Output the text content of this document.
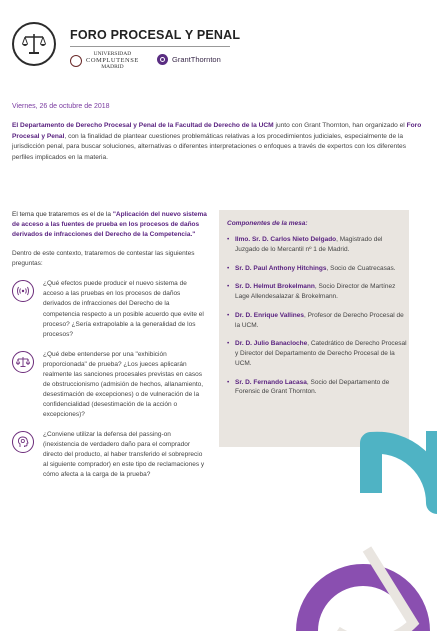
FORO PROCESAL Y PENAL
UNIVERSIDAD
COMPLUTENSE
MADRID
GrantThornton
Viernes, 26 de octubre de 2018

El Departamento de Derecho Procesal y Penal de la Facultad de Derecho de la UCM junto con Grant Thornton, han organizado el Foro Procesal y Penal, con la finalidad de plantear cuestiones problemáticas relativas a los procedimientos judiciales, especialmente de la jurisdicción penal, para buscar soluciones, alternativas o diferentes interpretaciones o enfoques a través de expertos con los diferentes perfiles implicados en la materia.

El tema que trataremos es el de la "Aplicación del nuevo sistema de acceso a las fuentes de prueba en los procesos de daños derivados de infracciones del Derecho de la Competencia."

Dentro de este contexto, trataremos de contestar las siguientes preguntas:

¿Qué efectos puede producir el nuevo sistema de acceso a las pruebas en los procesos de daños derivados de infracciones del Derecho de la competencia respecto a un posible acuerdo que evite el proceso? ¿Sería extrapolable a la generalidad de los procesos?
¿Qué debe entenderse por una "exhibición proporcionada" de prueba? ¿Los jueces aplicarán realmente las sanciones procesales previstas en casos de obstruccionismo (admisión de hechos, allanamiento, desestimación de excepciones) o de vulneración de la confidencialidad (desestimación de la acción o excepciones)?
¿Conviene utilizar la defensa del passing-on (inexistencia de verdadero daño para el comprador directo del producto, al haber transferido el sobreprecio al siguiente comprador) en este tipo de reclamaciones y cómo afecta a la carga de la prueba?

Componentes de la mesa:

• Ilmo. Sr. D. Carlos Nieto Delgado, Magistrado del Juzgado de lo Mercantil nº 1 de Madrid.
• Sr. D. Paul Anthony Hitchings, Socio de Cuatrecasas.
• Sr. D. Helmut Brokelmann, Socio Director de Martínez Lage Allendesalazar & Brokelmann.
• Dr. D. Enrique Vallines, Profesor de Derecho Procesal de la UCM.
• Dr. D. Julio Banacloche, Catedrático de Derecho Procesal y Director del Departamento de Derecho Procesal de la UCM.
• Sr. D. Fernando Lacasa, Socio del Departamento de Forensic de Grant Thornton.
